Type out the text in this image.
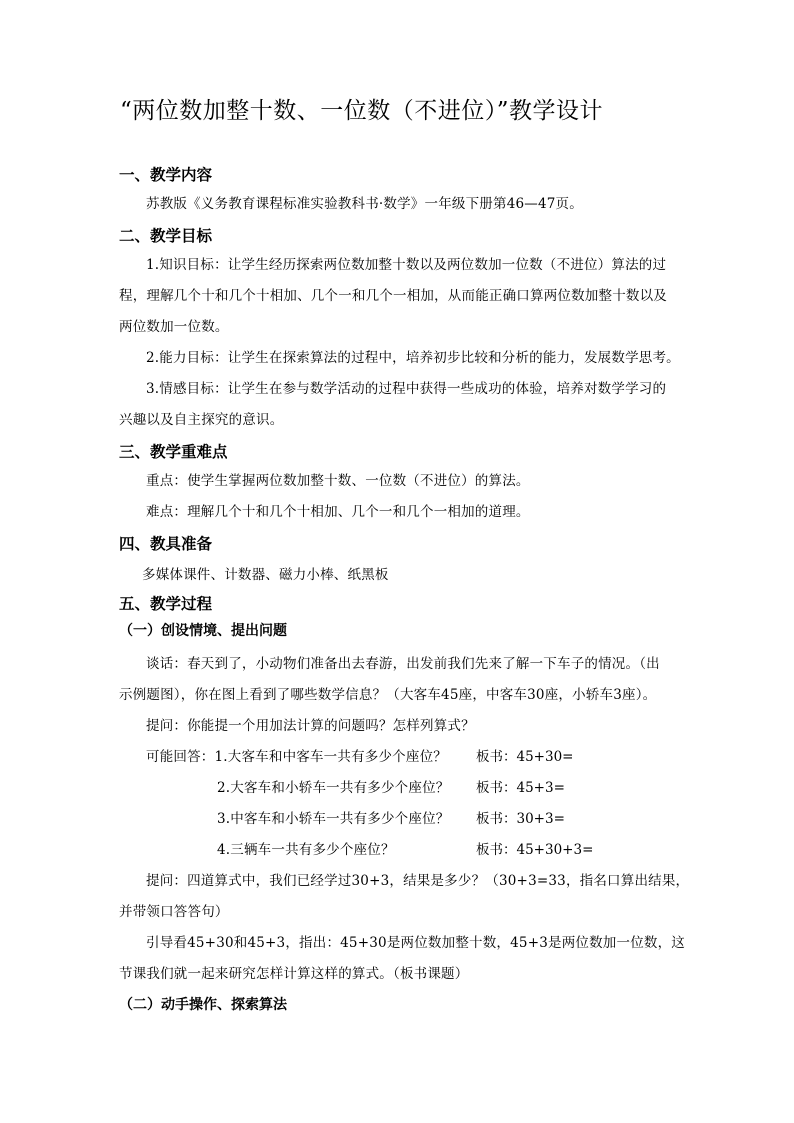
“两位数加整十数、一位数（不进位）”教学设计
一、教学内容
苏教版《义务教育课程标准实验教科书·数学》一年级下册第46—47页。
二、教学目标
1.知识目标：让学生经历探索两位数加整十数以及两位数加一位数（不进位）算法的过
程，理解几个十和几个十相加、几个一和几个一相加，从而能正确口算两位数加整十数以及
两位数加一位数。
2.能力目标：让学生在探索算法的过程中，培养初步比较和分析的能力，发展数学思考。
3.情感目标：让学生在参与数学活动的过程中获得一些成功的体验，培养对数学学习的
兴趣以及自主探究的意识。
三、教学重难点
重点：使学生掌握两位数加整十数、一位数（不进位）的算法。
难点：理解几个十和几个十相加、几个一和几个一相加的道理。
四、教具准备
多媒体课件、计数器、磁力小棒、纸黑板
五、教学过程
（一）创设情境、提出问题
谈话：春天到了，小动物们准备出去春游，出发前我们先来了解一下车子的情况。（出
示例题图），你在图上看到了哪些数学信息？（大客车45座，中客车30座，小轿车3座）。
提问：你能提一个用加法计算的问题吗？怎样列算式？
可能回答：1.大客车和中客车一共有多少个座位？ 板书：45+30=
2.大客车和小轿车一共有多少个座位？ 板书：45+3=
3.中客车和小轿车一共有多少个座位？ 板书：30+3=
4.三辆车一共有多少个座位？	板书：45+30+3=
提问：四道算式中，我们已经学过30+3，结果是多少？（30+3=33，指名口算出结果，
并带领口答答句）
引导看45+30和45+3，指出：45+30是两位数加整十数，45+3是两位数加一位数，这
节课我们就一起来研究怎样计算这样的算式。（板书课题）
（二）动手操作、探索算法
